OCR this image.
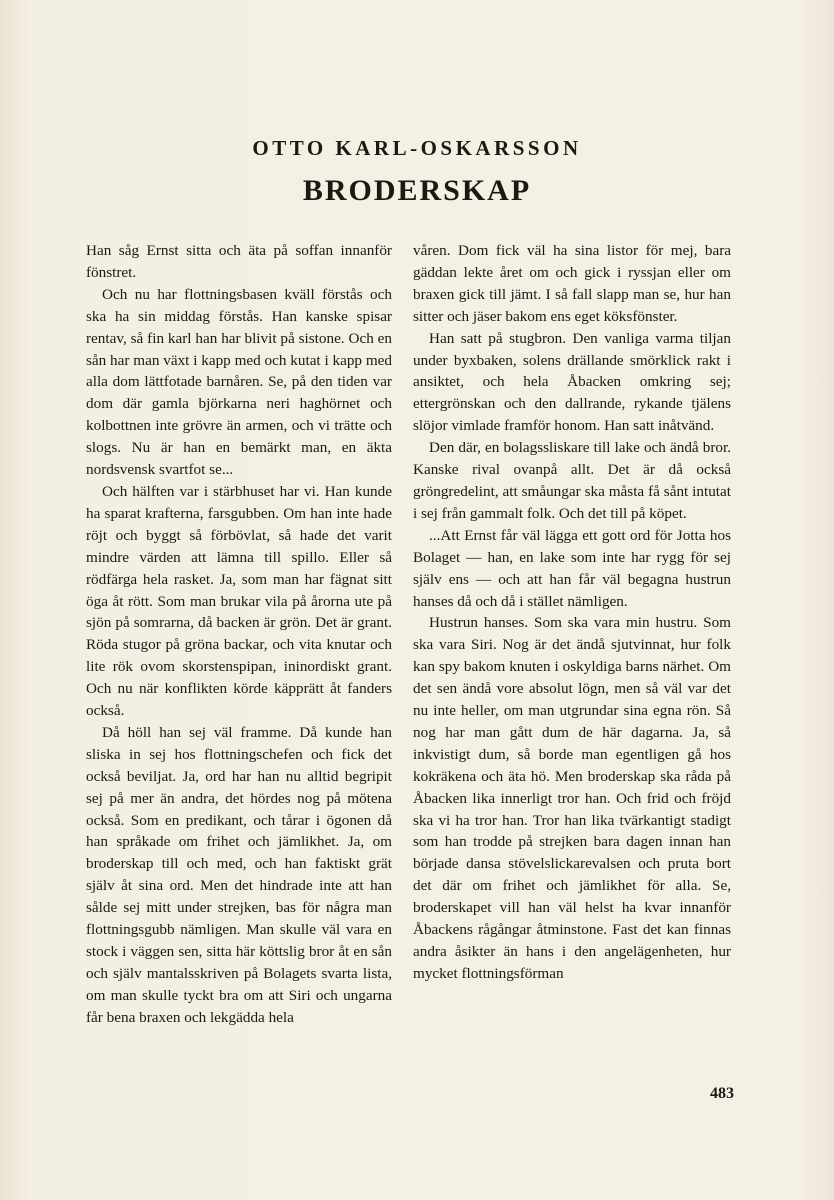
OTTO KARL-OSKARSSON
BRODERSKAP

Han såg Ernst sitta och äta på soffan innanför fönstret.

Och nu har flottningsbasen kväll förstås och ska ha sin middag förstås. Han kanske spisar rentav, så fin karl han har blivit på sistone. Och en sån har man växt i kapp med och kutat i kapp med alla dom lättfotade barnåren. Se, på den tiden var dom där gamla björkarna neri haghörnet och kolbottnen inte grövre än armen, och vi trätte och slogs. Nu är han en bemärkt man, en äkta nordsvensk svartfot se...

Och hälften var i stärbhuset har vi. Han kunde ha sparat krafterna, farsgubben. Om han inte hade röjt och byggt så förbövlat, så hade det varit mindre värden att lämna till spillo. Eller så rödfärga hela rasket. Ja, som man har fägnat sitt öga åt rött. Som man brukar vila på årorna ute på sjön på somrarna, då backen är grön. Det är grant. Röda stugor på gröna backar, och vita knutar och lite rök ovom skorstenspipan, ininordiskt grant. Och nu när konflikten körde käpprätt åt fanders också.

Då höll han sej väl framme. Då kunde han sliska in sej hos flottningschefen och fick det också beviljat. Ja, ord har han nu alltid begripit sej på mer än andra, det hördes nog på mötena också. Som en predikant, och tårar i ögonen då han språkade om frihet och jämlikhet. Ja, om broderskap till och med, och han faktiskt grät själv åt sina ord. Men det hindrade inte att han sålde sej mitt under strejken, bas för några man flottningsgubb nämligen. Man skulle väl vara en stock i väggen sen, sitta här köttslig bror åt en sån och själv mantalsskriven på Bolagets svarta lista, om man skulle tyckt bra om att Siri och ungarna får bena braxen och lekgädda hela

våren. Dom fick väl ha sina listor för mej, bara gäddan lekte året om och gick i ryssjan eller om braxen gick till jämt. I så fall slapp man se, hur han sitter och jäser bakom ens eget köksfönster.

Han satt på stugbron. Den vanliga varma tiljan under byxbaken, solens drällande smörklick rakt i ansiktet, och hela Åbacken omkring sej; ettergrönskan och den dallrande, rykande tjälens slöjor vimlade framför honom. Han satt inåtvänd.

Den där, en bolagssliskare till lake och ändå bror. Kanske rival ovanpå allt. Det är då också gröngredelint, att småungar ska måsta få sånt intutat i sej från gammalt folk. Och det till på köpet.

...Att Ernst får väl lägga ett gott ord för Jotta hos Bolaget — han, en lake som inte har rygg för sej själv ens — och att han får väl begagna hustrun hanses då och då i stället nämligen.

Hustrun hanses. Som ska vara min hustru. Som ska vara Siri. Nog är det ändå sjutvinnat, hur folk kan spy bakom knuten i oskyldiga barns närhet. Om det sen ändå vore absolut lögn, men så väl var det nu inte heller, om man utgrundar sina egna rön. Så nog har man gått dum de här dagarna. Ja, så inkvistigt dum, så borde man egentligen gå hos kokräkena och äta hö. Men broderskap ska råda på Åbacken lika innerligt tror han. Och frid och fröjd ska vi ha tror han. Tror han lika tvärkantigt stadigt som han trodde på strejken bara dagen innan han började dansa stövelslickarevalsen och pruta bort det där om frihet och jämlikhet för alla. Se, broderskapet vill han väl helst ha kvar innanför Åbackens rågångar åtminstone. Fast det kan finnas andra åsikter än hans i den angelägenheten, hur mycket flottningsförman

483
